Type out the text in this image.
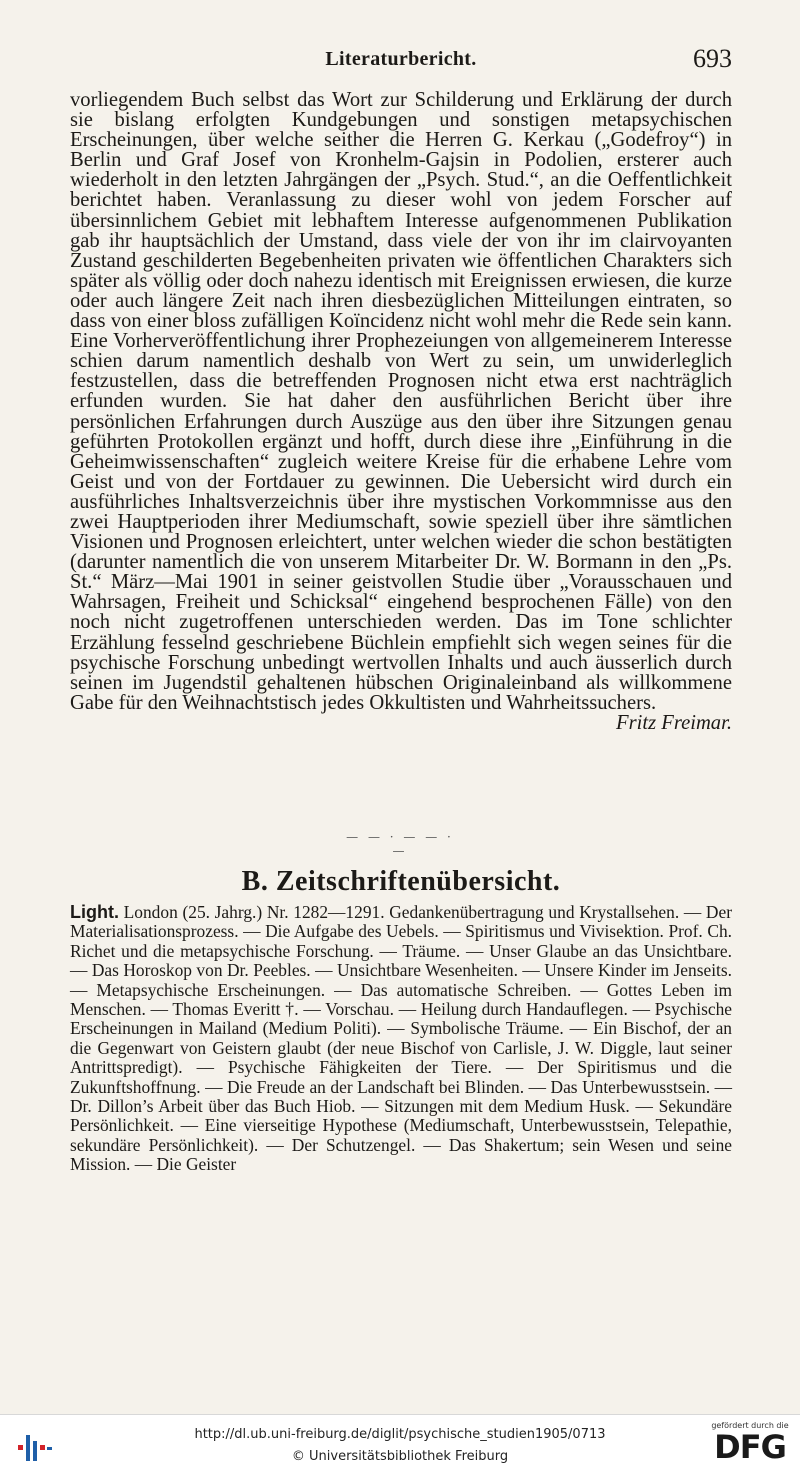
Literaturbericht.	693

vorliegendem Buch selbst das Wort zur Schilderung und Erklärung der durch sie bislang erfolgten Kundgebungen und sonstigen metapsychischen Erscheinungen, über welche seither die Herren G. Kerkau („Godefroy“) in Berlin und Graf Josef von Kronhelm-Gajsin in Podolien, ersterer auch wiederholt in den letzten Jahrgängen der „Psych. Stud.“, an die Oeffentlichkeit berichtet haben. Veranlassung zu dieser wohl von jedem Forscher auf übersinnlichem Gebiet mit lebhaftem Interesse aufgenommenen Publikation gab ihr hauptsächlich der Umstand, dass viele der von ihr im clairvoyanten Zustand geschilderten Begebenheiten privaten wie öffentlichen Charakters sich später als völlig oder doch nahezu identisch mit Ereignissen erwiesen, die kurze oder auch längere Zeit nach ihren diesbezüglichen Mitteilungen eintraten, so dass von einer bloss zufälligen Koïncidenz nicht wohl mehr die Rede sein kann. Eine Vorherveröffentlichung ihrer Prophezeiungen von allgemeinerem Interesse schien darum namentlich deshalb von Wert zu sein, um unwiderleglich festzustellen, dass die betreffenden Prognosen nicht etwa erst nachträglich erfunden wurden. Sie hat daher den ausführlichen Bericht über ihre persönlichen Erfahrungen durch Auszüge aus den über ihre Sitzungen genau geführten Protokollen ergänzt und hofft, durch diese ihre „Einführung in die Geheimwissenschaften“ zugleich weitere Kreise für die erhabene Lehre vom Geist und von der Fortdauer zu gewinnen. Die Uebersicht wird durch ein ausführliches Inhaltsverzeichnis über ihre mystischen Vorkommnisse aus den zwei Hauptperioden ihrer Mediumschaft, sowie speziell über ihre sämtlichen Visionen und Prognosen erleichtert, unter welchen wieder die schon bestätigten (darunter namentlich die von unserem Mitarbeiter Dr. W. Bormann in den „Ps. St.“ März—Mai 1901 in seiner geistvollen Studie über „Vorausschauen und Wahrsagen, Freiheit und Schicksal“ eingehend besprochenen Fälle) von den noch nicht zugetroffenen unterschieden werden. Das im Tone schlichter Erzählung fesselnd geschriebene Büchlein empfiehlt sich wegen seines für die psychische Forschung unbedingt wertvollen Inhalts und auch äusserlich durch seinen im Jugendstil gehaltenen hübschen Originaleinband als willkommene Gabe für den Weihnachtstisch jedes Okkultisten und Wahrheitssuchers.
Fritz Freimar.

— — · — — · —
B. Zeitschriftenübersicht.

Light. London (25. Jahrg.) Nr. 1282—1291. Gedankenübertragung und Krystallsehen. — Der Materialisationsprozess. — Die Aufgabe des Uebels. — Spiritismus und Vivisektion. Prof. Ch. Richet und die metapsychische Forschung. — Träume. — Unser Glaube an das Unsichtbare. — Das Horoskop von Dr. Peebles. — Unsichtbare Wesenheiten. — Unsere Kinder im Jenseits. — Metapsychische Erscheinungen. — Das automatische Schreiben. — Gottes Leben im Menschen. — Thomas Everitt †. — Vorschau. — Heilung durch Handauflegen. — Psychische Erscheinungen in Mailand (Medium Politi). — Symbolische Träume. — Ein Bischof, der an die Gegenwart von Geistern glaubt (der neue Bischof von Carlisle, J. W. Diggle, laut seiner Antrittspredigt). — Psychische Fähigkeiten der Tiere. — Der Spiritismus und die Zukunftshoffnung. — Die Freude an der Landschaft bei Blinden. — Das Unterbewusstsein. — Dr. Dillon’s Arbeit über das Buch Hiob. — Sitzungen mit dem Medium Husk. — Sekundäre Persönlichkeit. — Eine vierseitige Hypothese (Mediumschaft, Unterbewusstsein, Telepathie, sekundäre Persönlichkeit). — Der Schutzengel. — Das Shakertum; sein Wesen und seine Mission. — Die Geister

http://dl.ub.uni-freiburg.de/diglit/psychische_studien1905/0713
© Universitätsbibliothek Freiburg
gefördert durch die
DFG
